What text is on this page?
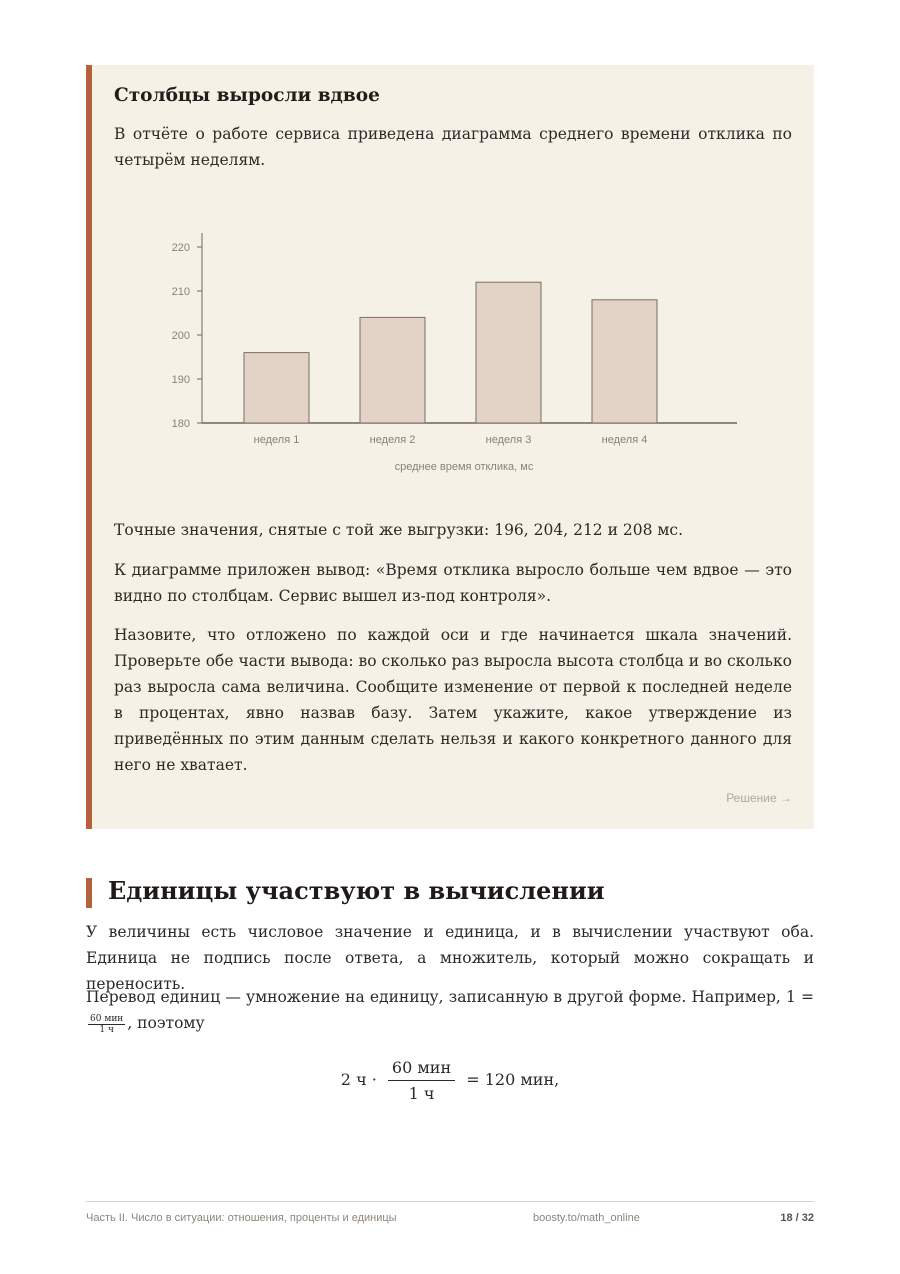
Столбцы выросли вдвое

В отчёте о работе сервиса приведена диаграмма среднего времени отклика по четырём неделям.

180
190
200
210
220
неделя 1	неделя 2	неделя 3	неделя 4
среднее время отклика, мс

Точные значения, снятые с той же выгрузки: 196, 204, 212 и 208 мс.

К диаграмме приложен вывод: «Время отклика выросло больше чем вдвое — это видно по столбцам. Сервис вышел из-под контроля».

Назовите, что отложено по каждой оси и где начинается шкала значений. Проверьте обе части вывода: во сколько раз выросла высота столбца и во сколько раз выросла сама величина. Сообщите изменение от первой к последней неделе в процентах, явно назвав базу. Затем укажите, какое утверждение из приведённых по этим данным сделать нельзя и какого конкретного данного для него не хватает.

Решение →
Единицы участвуют в вычислении

У величины есть числовое значение и единица, и в вычислении участвуют оба. Единица не подпись после ответа, а множитель, который можно сокращать и переносить.

Перевод единиц — умножение на единицу, записанную в другой форме. Например, 1 =
$\frac{\text{60 мин}}{1 ч}$ , поэтому

2 $ч \cdot \frac{\text{60 мин}}{1 ч} = 120$ мин,
Часть II. Число в ситуации: отношения, проценты и единицы	boosty.to/math_online	18 / 32
